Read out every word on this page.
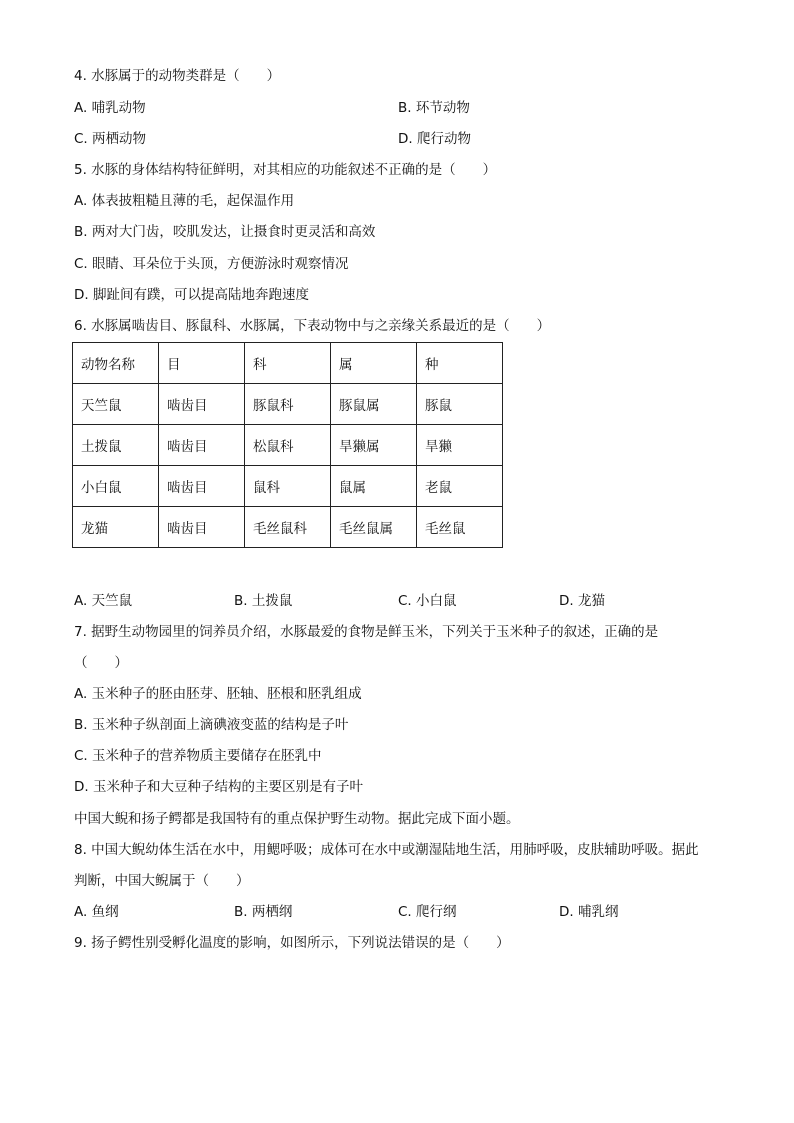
4. 水豚属于的动物类群是（　　）
A. 哺乳动物	B. 环节动物
C. 两栖动物	D. 爬行动物
5. 水豚的身体结构特征鲜明，对其相应的功能叙述不正确的是（　　）
A. 体表披粗糙且薄的毛，起保温作用
B. 两对大门齿，咬肌发达，让摄食时更灵活和高效
C. 眼睛、耳朵位于头顶，方便游泳时观察情况
D. 脚趾间有蹼，可以提高陆地奔跑速度
6. 水豚属啮齿目、豚鼠科、水豚属，下表动物中与之亲缘关系最近的是（　　）
动物名称	目	科	属	种
天竺鼠	啮齿目	豚鼠科	豚鼠属	豚鼠
土拨鼠	啮齿目	松鼠科	旱獭属	旱獭
小白鼠	啮齿目	鼠科	鼠属	老鼠
龙猫	啮齿目	毛丝鼠科	毛丝鼠属	毛丝鼠
A. 天竺鼠	B. 土拨鼠	C. 小白鼠	D. 龙猫
7. 据野生动物园里的饲养员介绍，水豚最爱的食物是鲜玉米，下列关于玉米种子的叙述，正确的是
（　　）
A. 玉米种子的胚由胚芽、胚轴、胚根和胚乳组成
B. 玉米种子纵剖面上滴碘液变蓝的结构是子叶
C. 玉米种子的营养物质主要储存在胚乳中
D. 玉米种子和大豆种子结构的主要区别是有子叶
中国大鲵和扬子鳄都是我国特有的重点保护野生动物。据此完成下面小题。
8. 中国大鲵幼体生活在水中，用鳃呼吸；成体可在水中或潮湿陆地生活，用肺呼吸，皮肤辅助呼吸。据此
判断，中国大鲵属于（　　）
A. 鱼纲	B. 两栖纲	C. 爬行纲	D. 哺乳纲
9. 扬子鳄性别受孵化温度的影响，如图所示，下列说法错误的是（　　）
